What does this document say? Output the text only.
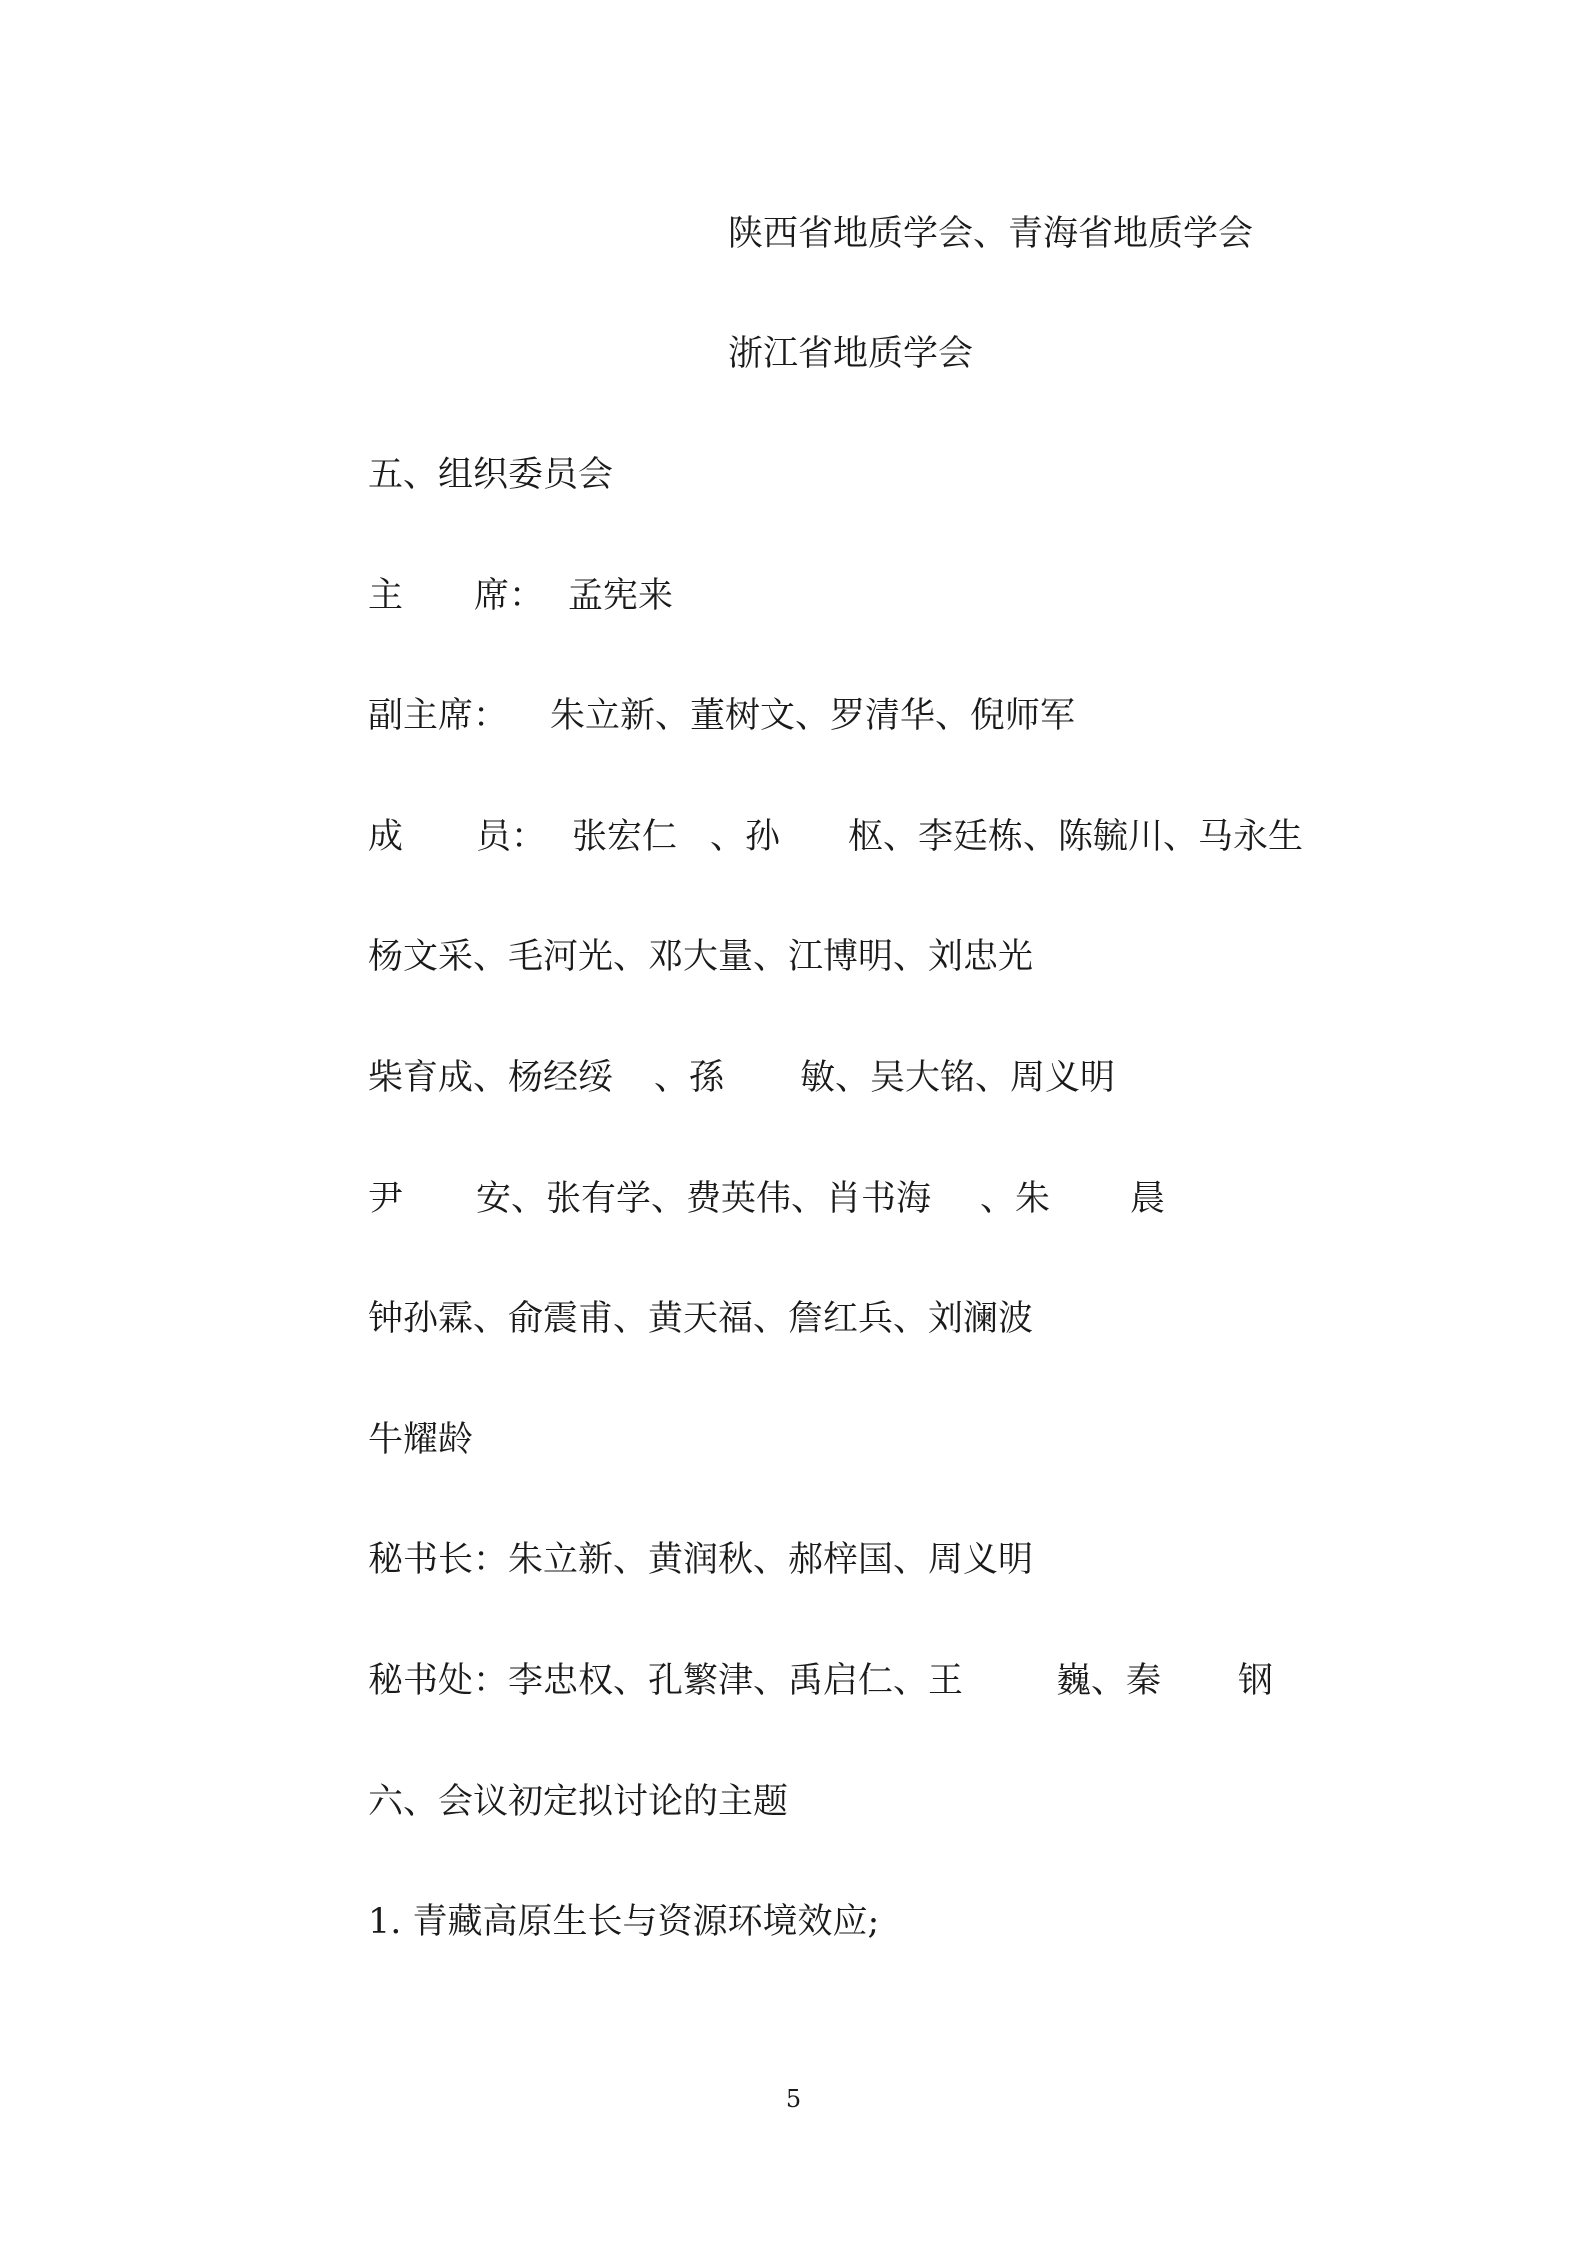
陕西省地质学会、青海省地质学会
浙江省地质学会
五、组织委员会

主

席：

孟宪来

副主席：

朱立新、董树文、罗清华、倪师军

成

员：

张宏仁

、孙

枢、李廷栋、陈毓川、马永生

杨文采、毛河光、邓大量、江博明、刘忠光

柴育成、杨经绥

、孫

敏、吴大铭、周义明

尹

安、张有学、费英伟、肖书海

、朱

晨

钟孙霖、俞震甫、黄天福、詹红兵、刘澜波
牛耀龄
秘书长：朱立新、黄润秋、郝梓国、周义明

秘书处：李忠权、孔繁津、禹启仁、王

	巍、秦

钢

六、会议初定拟讨论的主题
1. 青藏高原生长与资源环境效应;
5
